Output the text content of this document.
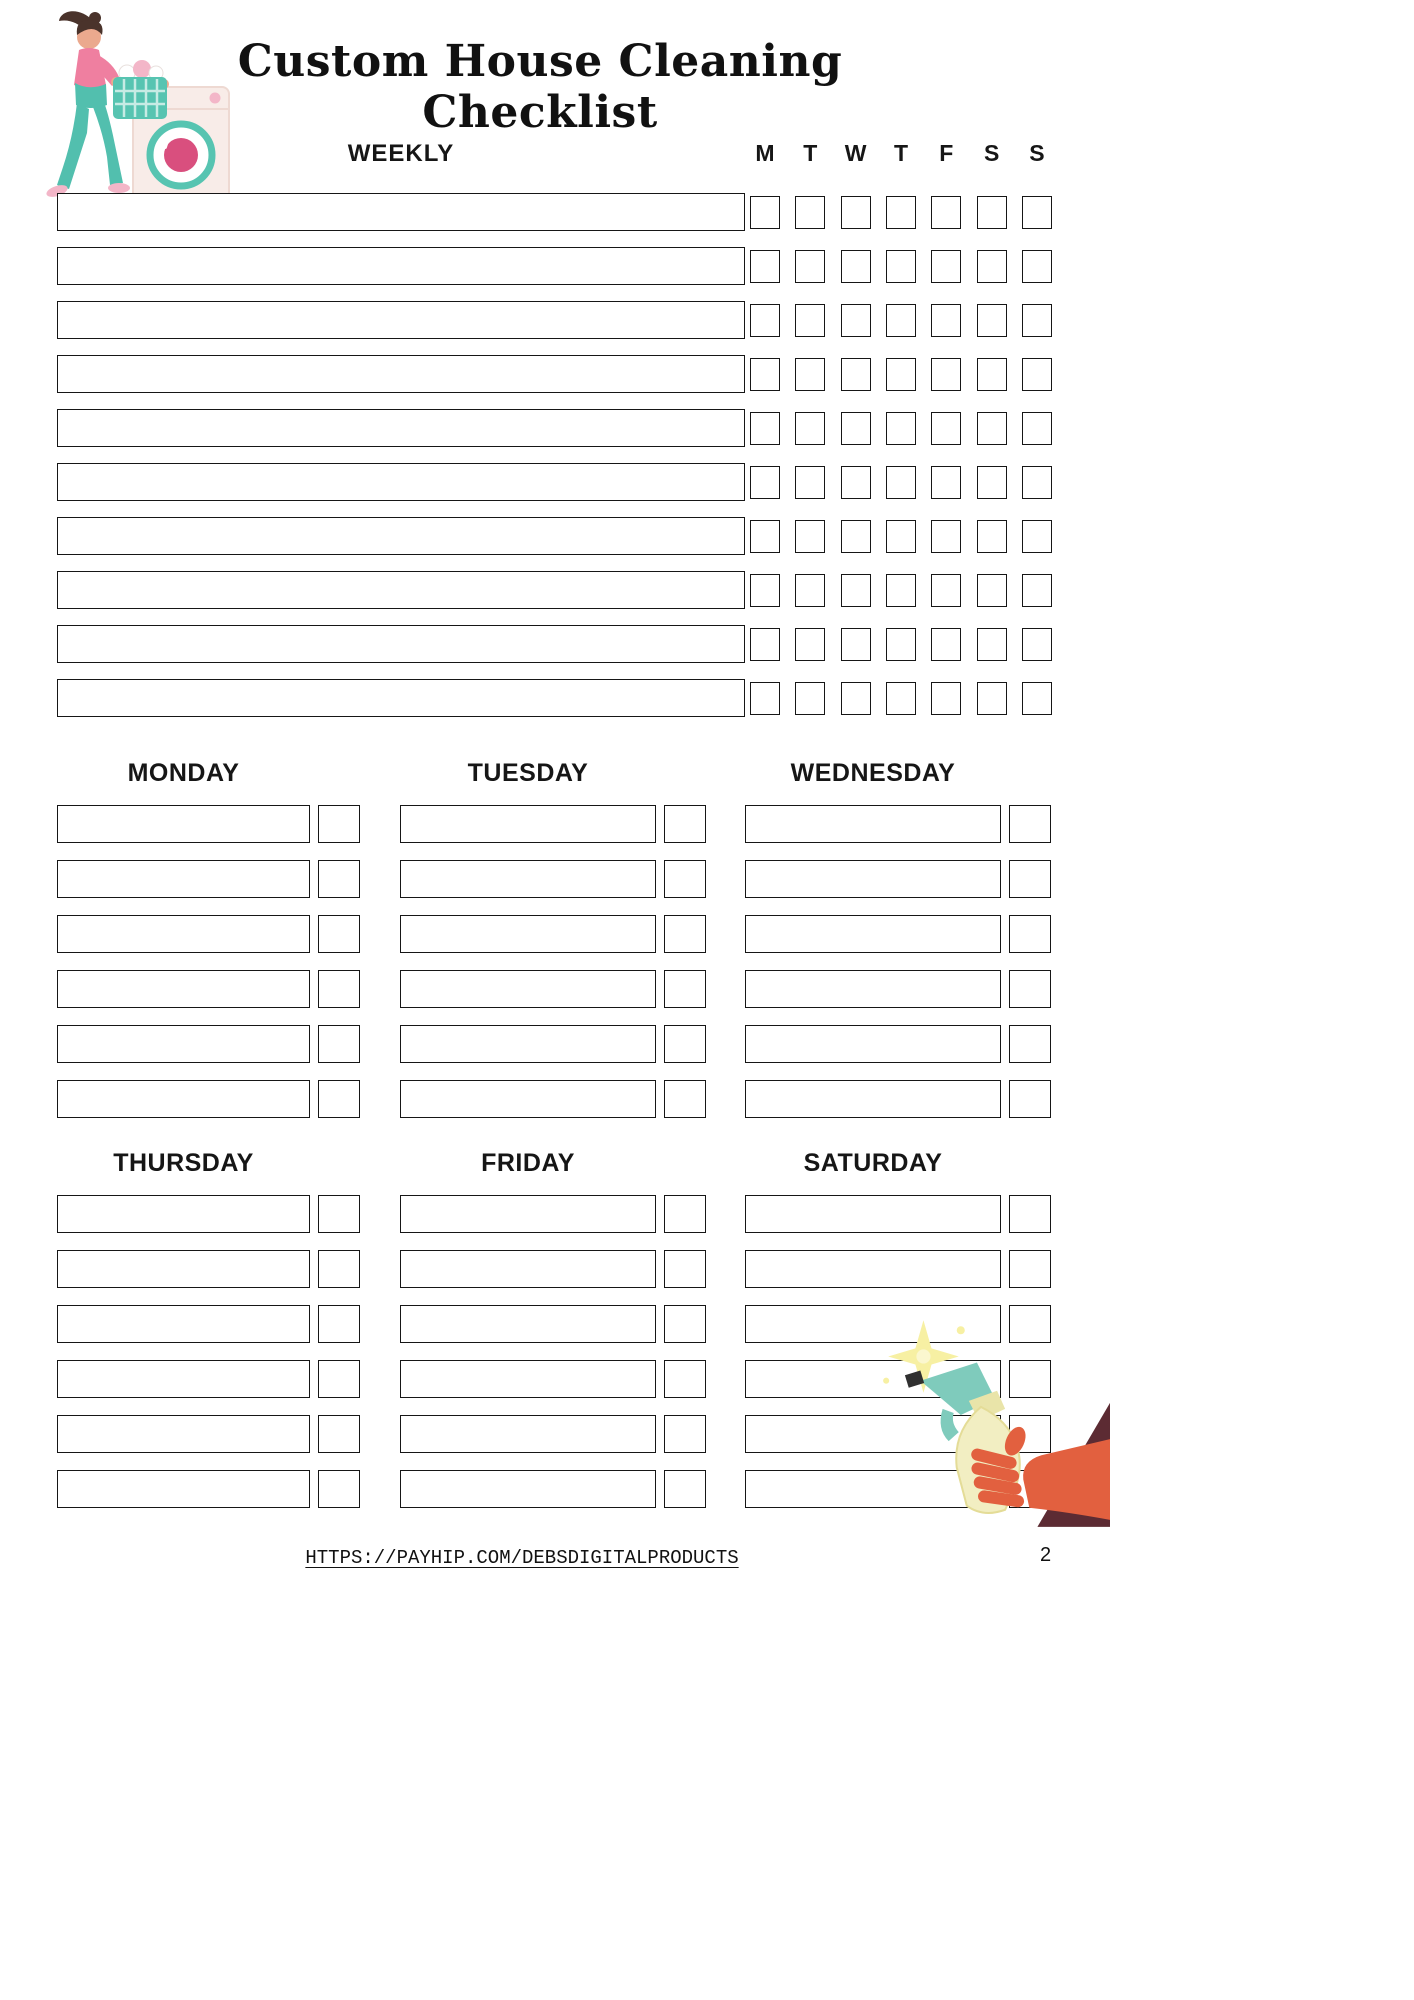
Custom House Cleaning Checklist
WEEKLY	M	T	W	T	F	S	S
MONDAY	TUESDAY	WEDNESDAY
THURSDAY	FRIDAY	SATURDAY
HTTPS://PAYHIP.COM/DEBSDIGITALPRODUCTS	2
